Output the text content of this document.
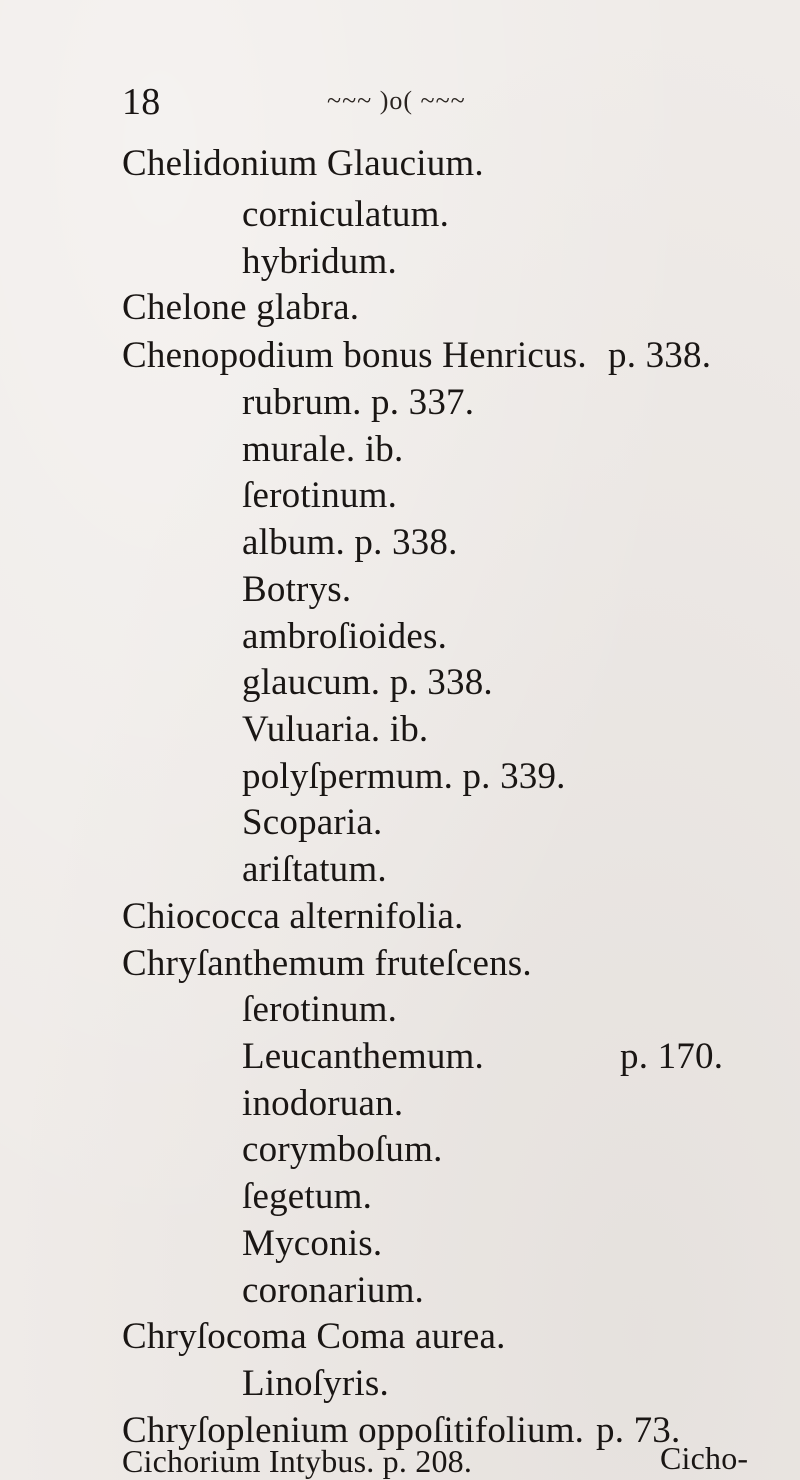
18	~~~ )o( ~~~
Chelidonium Glaucium.
corniculatum.
hybridum.
Chelone glabra.
Chenopodium bonus Henricus. p. 338.
rubrum. p. 337.
murale. ib.
ſerotinum.
album. p. 338.
Botrys.
ambroſioides.
glaucum. p. 338.
Vuluaria. ib.
polyſpermum. p. 339.
Scoparia.
ariſtatum.
Chiococca alternifolia.
Chryſanthemum fruteſcens.
ſerotinum.
Leucanthemum.	p. 170.
inodoruan.
corymboſum.
ſegetum.
Myconis.
coronarium.
Chryſocoma Coma aurea.
Linoſyris.
Chryſoplenium oppoſitifolium. p. 73.
Cichorium Intybus. p. 208.	Cicho-
